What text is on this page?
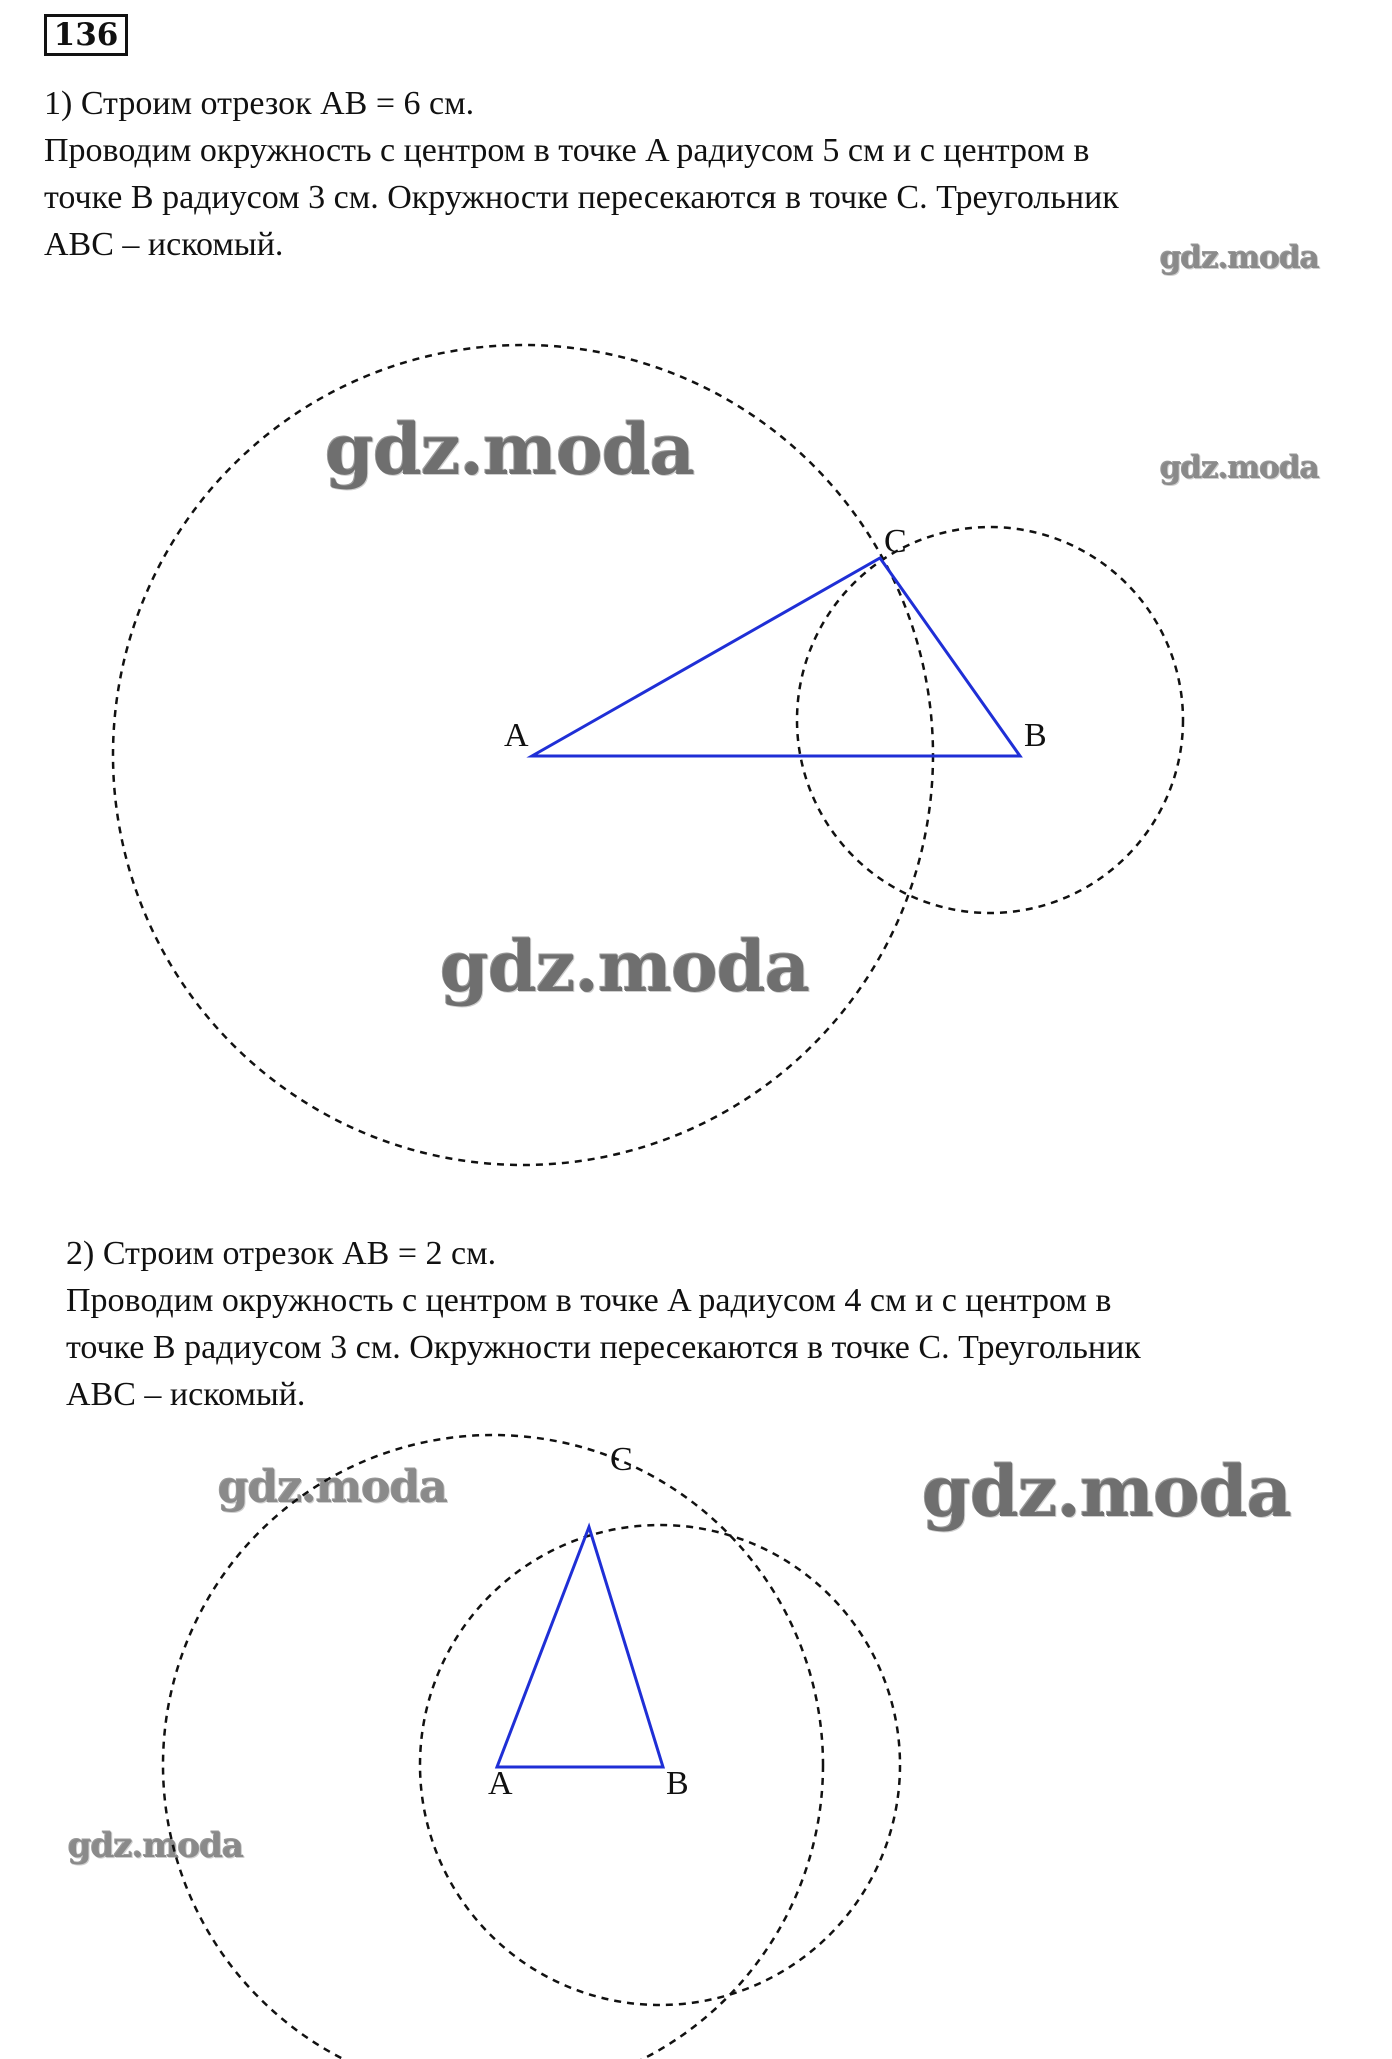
136
1) Строим отрезок AB = 6 см.
Проводим окружность с центром в точке A радиусом 5 см и с центром в
точке B радиусом 3 см. Окружности пересекаются в точке C. Треугольник
ABC – искомый.
2) Строим отрезок AB = 2 см.
Проводим окружность с центром в точке A радиусом 4 см и с центром в
точке B радиусом 3 см. Окружности пересекаются в точке C. Треугольник
ABC – искомый.
gdz.moda
gdz.moda
gdz.moda
gdz.moda
gdz.moda	gdz.moda
gdz.moda
A	B
C
A	B
C
